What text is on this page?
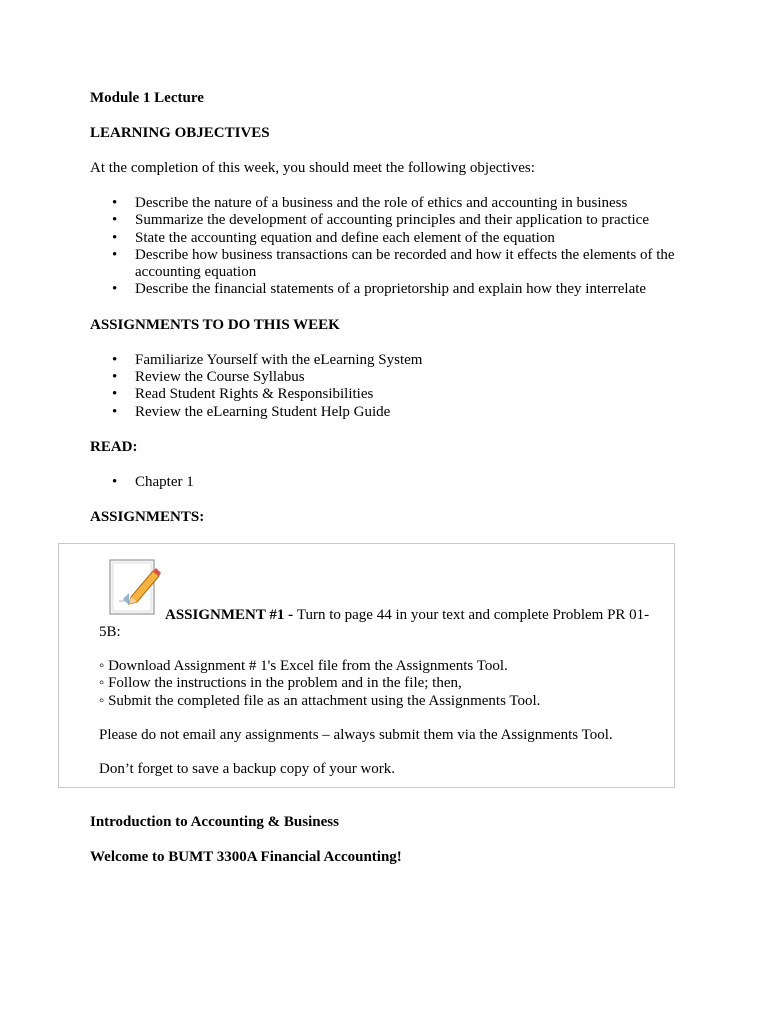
Module 1 Lecture

LEARNING OBJECTIVES

At the completion of this week, you should meet the following objectives:

• Describe the nature of a business and the role of ethics and accounting in business
• Summarize the development of accounting principles and their application to practice
• State the accounting equation and define each element of the equation
• Describe how business transactions can be recorded and how it effects the elements of the accounting equation
• Describe the financial statements of a proprietorship and explain how they interrelate

ASSIGNMENTS TO DO THIS WEEK

• Familiarize Yourself with the eLearning System
• Review the Course Syllabus
• Read Student Rights & Responsibilities
• Review the eLearning Student Help Guide

READ:

• Chapter 1

ASSIGNMENTS:

ASSIGNMENT #1 - Turn to page 44 in your text and complete Problem PR 01-5B:
◦ Download Assignment # 1's Excel file from the Assignments Tool.
◦ Follow the instructions in the problem and in the file; then,
◦ Submit the completed file as an attachment using the Assignments Tool.
Please do not email any assignments – always submit them via the Assignments Tool.
Don’t forget to save a backup copy of your work.

Introduction to Accounting & Business

Welcome to BUMT 3300A Financial Accounting!
